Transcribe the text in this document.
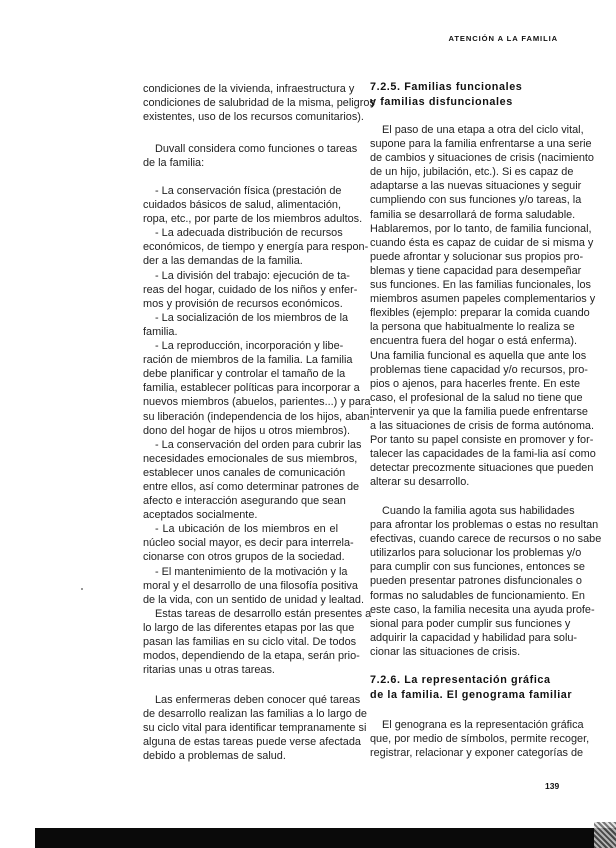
ATENCIÓN A LA FAMILIA
condiciones de la vivienda, infraestructura y
condiciones de salubridad de la misma, peligros
existentes, uso de los recursos comunitarios).
Duvall considera como funciones o tareas
de la familia:
- La conservación física (prestación de
cuidados básicos de salud, alimentación,
ropa, etc., por parte de los miembros adultos.
- La adecuada distribución de recursos
económicos, de tiempo y energía para respon-
der a las demandas de la familia.
- La división del trabajo: ejecución de ta-
reas del hogar, cuidado de los niños y enfer-
mos y provisión de recursos económicos.
- La socialización de los miembros de la
familia.
- La reproducción, incorporación y libe-
ración de miembros de la familia. La familia
debe planificar y controlar el tamaño de la
familia, establecer políticas para incorporar a
nuevos miembros (abuelos, parientes...) y para
su liberación (independencia de los hijos, aban-
dono del hogar de hijos u otros miembros).
- La conservación del orden para cubrir las
necesidades emocionales de sus miembros,
establecer unos canales de comunicación
entre ellos, así como determinar patrones de
afecto e interacción asegurando que sean
aceptados socialmente.
- La ubicación de los miembros en el
núcleo social mayor, es decir para interrela-
cionarse con otros grupos de la sociedad.
- El mantenimiento de la motivación y la
moral y el desarrollo de una filosofía positiva
de la vida, con un sentido de unidad y lealtad.
Estas tareas de desarrollo están presentes a
lo largo de las diferentes etapas por las que
pasan las familias en su ciclo vital. De todos
modos, dependiendo de la etapa, serán prio-
ritarias unas u otras tareas.
Las enfermeras deben conocer qué tareas
de desarrollo realizan las familias a lo largo de
su ciclo vital para identificar tempranamente si
alguna de estas tareas puede verse afectada
debido a problemas de salud.
7.2.5. Familias funcionales
y familias disfuncionales
El paso de una etapa a otra del ciclo vital,
supone para la familia enfrentarse a una serie
de cambios y situaciones de crisis (nacimiento
de un hijo, jubilación, etc.). Si es capaz de
adaptarse a las nuevas situaciones y seguir
cumpliendo con sus funciones y/o tareas, la
familia se desarrollará de forma saludable.
Hablaremos, por lo tanto, de familia funcional,
cuando ésta es capaz de cuidar de si misma y
puede afrontar y solucionar sus propios pro-
blemas y tiene capacidad para desempeñar
sus funciones. En las familias funcionales, los
miembros asumen papeles complementarios y
flexibles (ejemplo: preparar la comida cuando
la persona que habitualmente lo realiza se
encuentra fuera del hogar o está enferma).
Una familia funcional es aquella que ante los
problemas tiene capacidad y/o recursos, pro-
pios o ajenos, para hacerles frente. En este
caso, el profesional de la salud no tiene que
intervenir ya que la familia puede enfrentarse
a las situaciones de crisis de forma autónoma.
Por tanto su papel consiste en promover y for-
talecer las capacidades de la fami-lia así como
detectar precozmente situaciones que pueden
alterar su desarrollo.
Cuando la familia agota sus habilidades
para afrontar los problemas o estas no resultan
efectivas, cuando carece de recursos o no sabe
utilizarlos para solucionar los problemas y/o
para cumplir con sus funciones, entonces se
pueden presentar patrones disfuncionales o
formas no saludables de funcionamiento. En
este caso, la familia necesita una ayuda profe-
sional para poder cumplir sus funciones y
adquirir la capacidad y habilidad para solu-
cionar las situaciones de crisis.
7.2.6. La representación gráfica
de la familia. El genograma familiar
El genograna es la representación gráfica
que, por medio de símbolos, permite recoger,
registrar, relacionar y exponer categorías de
139
